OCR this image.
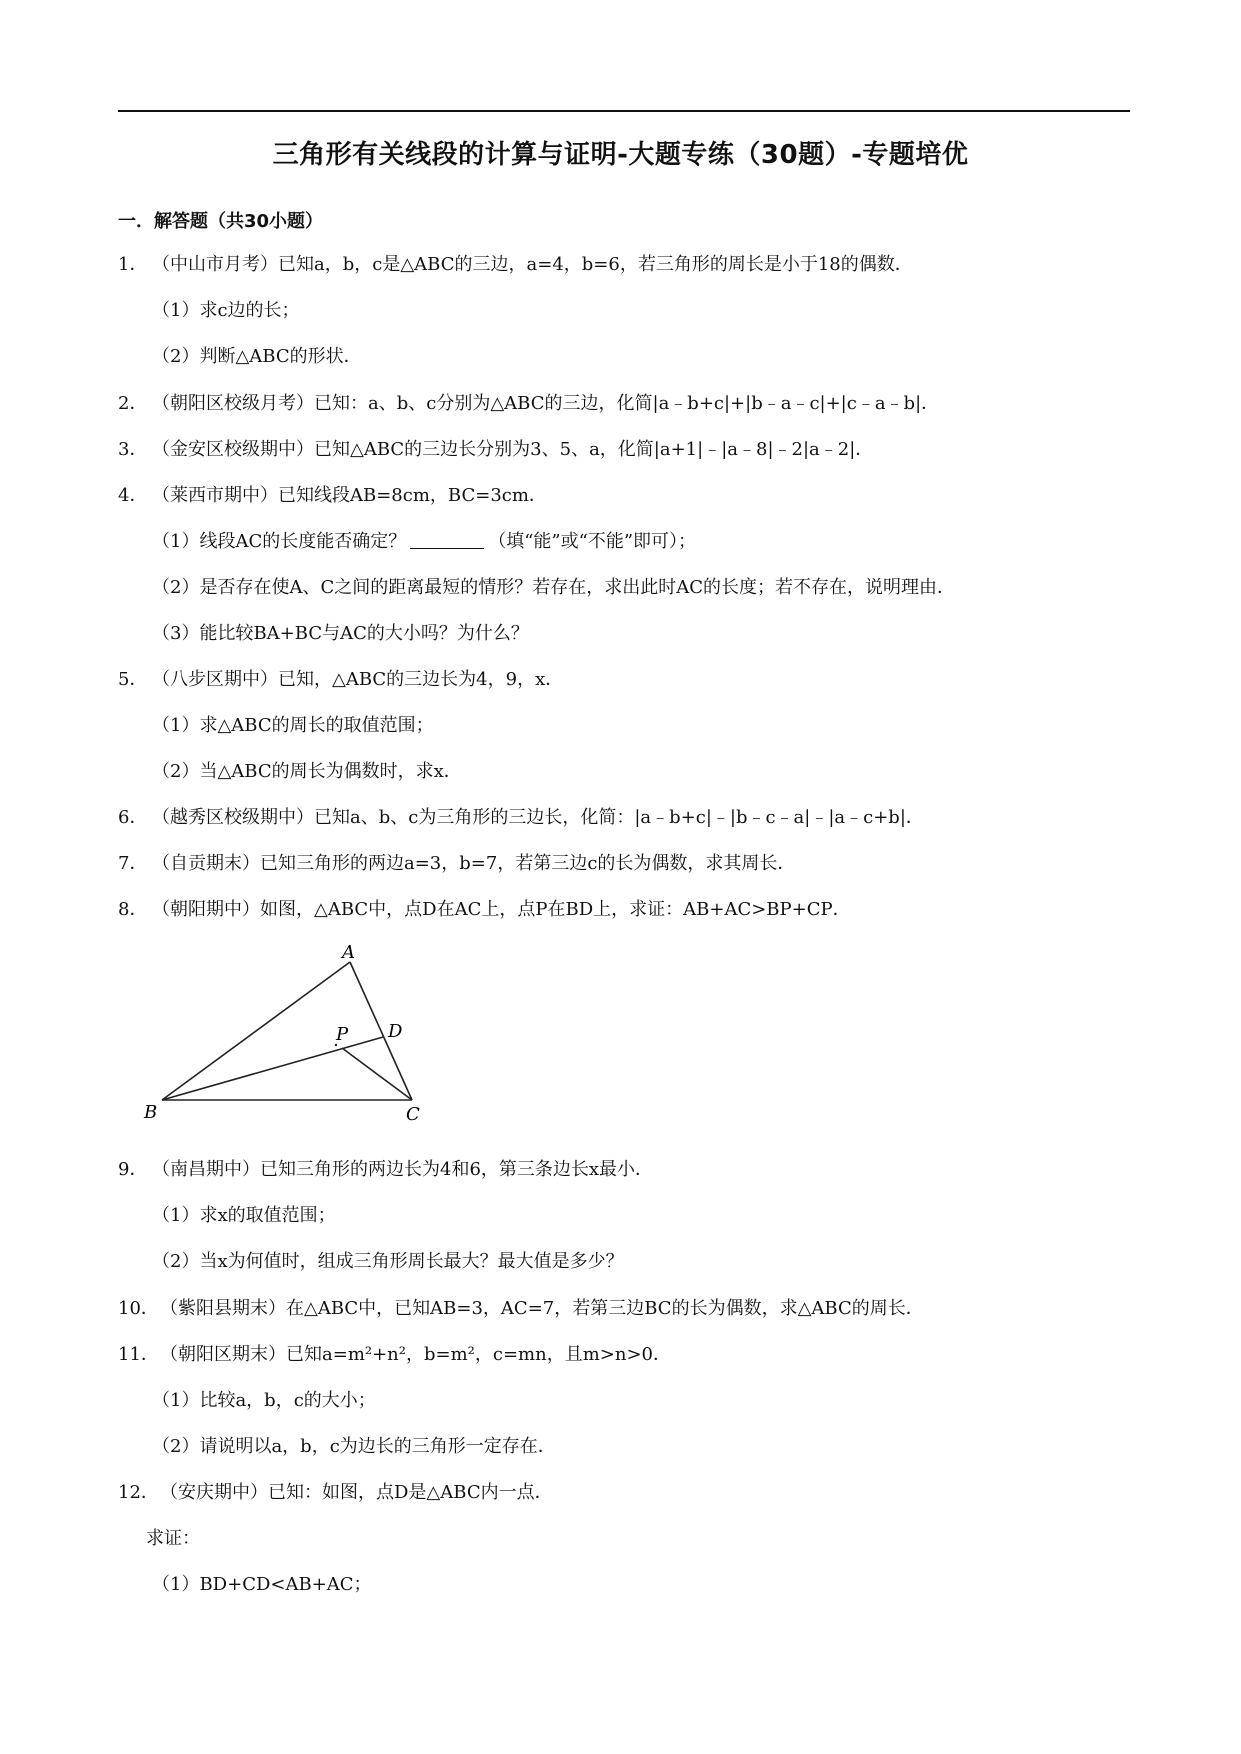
三角形有关线段的计算与证明-大题专练（30题）-专题培优
一．解答题（共30小题）
1． （中山市月考）已知a，b，c是△ABC的三边，a=4，b=6，若三角形的周长是小于18的偶数．
（1）求c边的长；
（2）判断△ABC的形状．
2． （朝阳区校级月考）已知：a、b、c分别为△ABC的三边，化简|a﹣b+c|+|b﹣a﹣c|+|c﹣a﹣b|．
3． （金安区校级期中）已知△ABC的三边长分别为3、5、a，化简|a+1|﹣|a﹣8|﹣2|a﹣2|．
4． （莱西市期中）已知线段AB=8cm，BC=3cm．
（1）线段AC的长度能否确定？	（填“能”或“不能”即可）；
（2）是否存在使A、C之间的距离最短的情形？若存在，求出此时AC的长度；若不存在，说明理由．
（3）能比较BA+BC与AC的大小吗？为什么？
5． （八步区期中）已知，△ABC的三边长为4，9，x．
（1）求△ABC的周长的取值范围；
（2）当△ABC的周长为偶数时，求x．
6． （越秀区校级期中）已知a、b、c为三角形的三边长，化简：|a﹣b+c|﹣|b﹣c﹣a|﹣|a﹣c+b|．
7． （自贡期末）已知三角形的两边a=3，b=7，若第三边c的长为偶数，求其周长．
8． （朝阳期中）如图，△ABC中，点D在AC上，点P在BD上，求证：AB+AC>BP+CP．
A
B	C
D
P
9． （南昌期中）已知三角形的两边长为4和6，第三条边长x最小．
（1）求x的取值范围；
（2）当x为何值时，组成三角形周长最大？最大值是多少？
10．（紫阳县期末）在△ABC中，已知AB=3，AC=7，若第三边BC的长为偶数，求△ABC的周长．
11．（朝阳区期末）已知a=m²+n²，b=m²，c=mn，且m>n>0．
（1）比较a，b，c的大小；
（2）请说明以a，b，c为边长的三角形一定存在．
12．（安庆期中）已知：如图，点D是△ABC内一点．
求证：
（1）BD+CD<AB+AC；
